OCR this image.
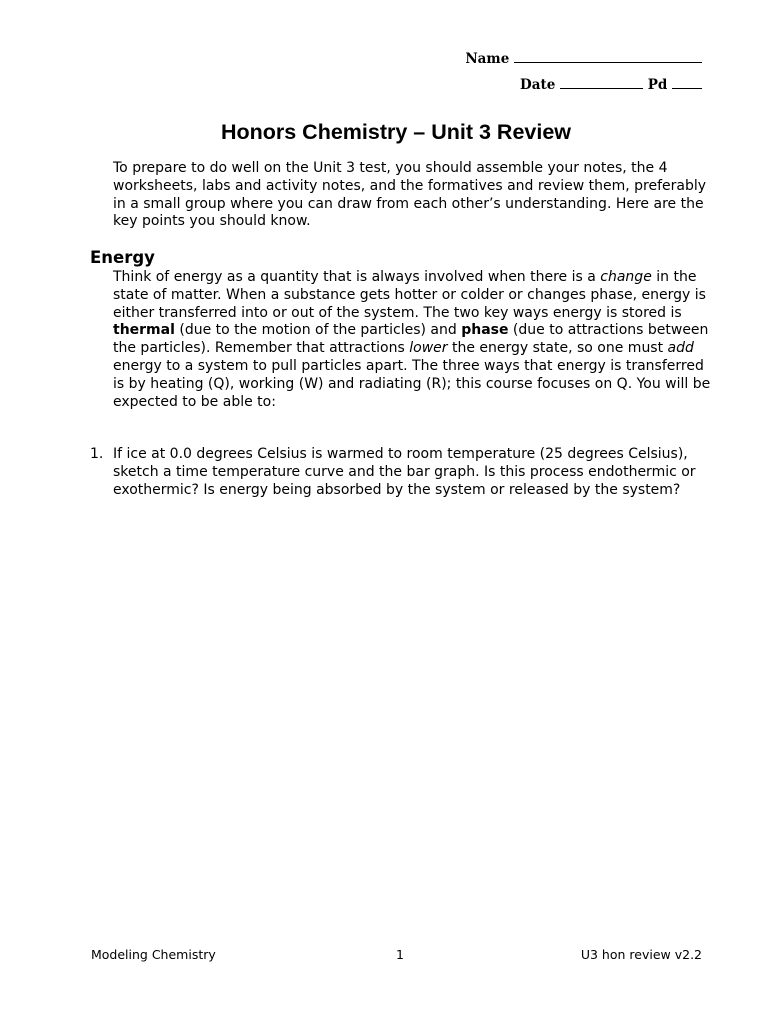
Name
Date	Pd
Honors Chemistry – Unit 3 Review
To prepare to do well on the Unit 3 test, you should assemble your notes, the 4 worksheets, labs and activity notes, and the formatives and review them, preferably in a small group where you can draw from each other’s understanding. Here are the key points you should know.
Energy
Think of energy as a quantity that is always involved when there is a change in the state of matter. When a substance gets hotter or colder or changes phase, energy is either transferred into or out of the system. The two key ways energy is stored is thermal (due to the motion of the particles) and phase (due to attractions between the particles). Remember that attractions lower the energy state, so one must add energy to a system to pull particles apart. The three ways that energy is transferred is by heating (Q), working (W) and radiating (R); this course focuses on Q. You will be expected to be able to:
1. If ice at 0.0 degrees Celsius is warmed to room temperature (25 degrees Celsius), sketch a time temperature curve and the bar graph. Is this process endothermic or exothermic? Is energy being absorbed by the system or released by the system?
Modeling Chemistry	1	U3 hon review v2.2
